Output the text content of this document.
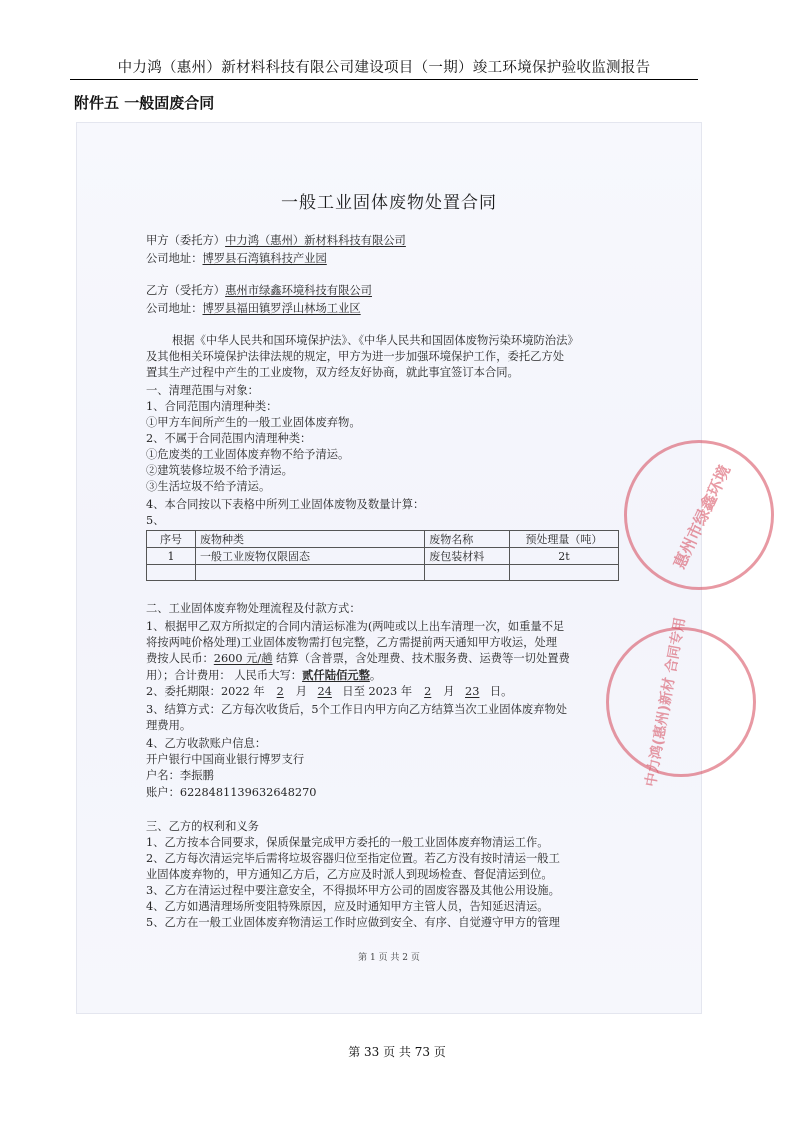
中力鸿（惠州）新材料科技有限公司建设项目（一期）竣工环境保护验收监测报告
附件五 一般固废合同
一般工业固体废物处置合同
甲方（委托方）中力鸿（惠州）新材料科技有限公司
公司地址：博罗县石湾镇科技产业园
乙方（受托方）惠州市绿鑫环境科技有限公司
公司地址：博罗县福田镇罗浮山林场工业区
根据《中华人民共和国环境保护法》、《中华人民共和国固体废物污染环境防治法》
及其他相关环境保护法律法规的规定，甲方为进一步加强环境保护工作，委托乙方处
置其生产过程中产生的工业废物，双方经友好协商，就此事宜签订本合同。
一、清理范围与对象：
1、合同范围内清理种类：
①甲方车间所产生的一般工业固体废弃物。
2、不属于合同范围内清理种类：
①危废类的工业固体废弃物不给予清运。
②建筑装修垃圾不给予清运。
③生活垃圾不给予清运。
4、本合同按以下表格中所列工业固体废物及数量计算：
5、
序号	废物种类	废物名称	预处理量（吨）
1	一般工业废物仅限固态	废包装材料	2t

二、工业固体废弃物处理流程及付款方式：
1、根据甲乙双方所拟定的合同内清运标准为(两吨或以上出车清理一次，如重量不足
将按两吨价格处理)工业固体废物需打包完整，乙方需提前两天通知甲方收运，处理
费按人民币：2600 元/趟 结算（含普票，含处理费、技术服务费、运费等一切处置费
用）；合计费用： 人民币大写：贰仟陆佰元整。
2、委托期限：2022 年 2 月 24 日至 2023 年 2 月 23 日。
3、结算方式：乙方每次收货后，5个工作日内甲方向乙方结算当次工业固体废弃物处
理费用。
4、乙方收款账户信息：
开户银行中国商业银行博罗支行
户名：李振鹏
账户：6228481139632648270
三、乙方的权利和义务
1、乙方按本合同要求，保质保量完成甲方委托的一般工业固体废弃物清运工作。
2、乙方每次清运完毕后需将垃圾容器归位至指定位置。若乙方没有按时清运一般工
业固体废弃物的，甲方通知乙方后，乙方应及时派人到现场检查、督促清运到位。
3、乙方在清运过程中要注意安全，不得损坏甲方公司的固废容器及其他公用设施。
4、乙方如遇清理场所变阻特殊原因，应及时通知甲方主管人员，告知延迟清运。
5、乙方在一般工业固体废弃物清运工作时应做到安全、有序、自觉遵守甲方的管理
第 1 页 共 2 页
惠州市绿鑫环境
中力鸿(惠州)新材 合同专用
第 33 页 共 73 页
